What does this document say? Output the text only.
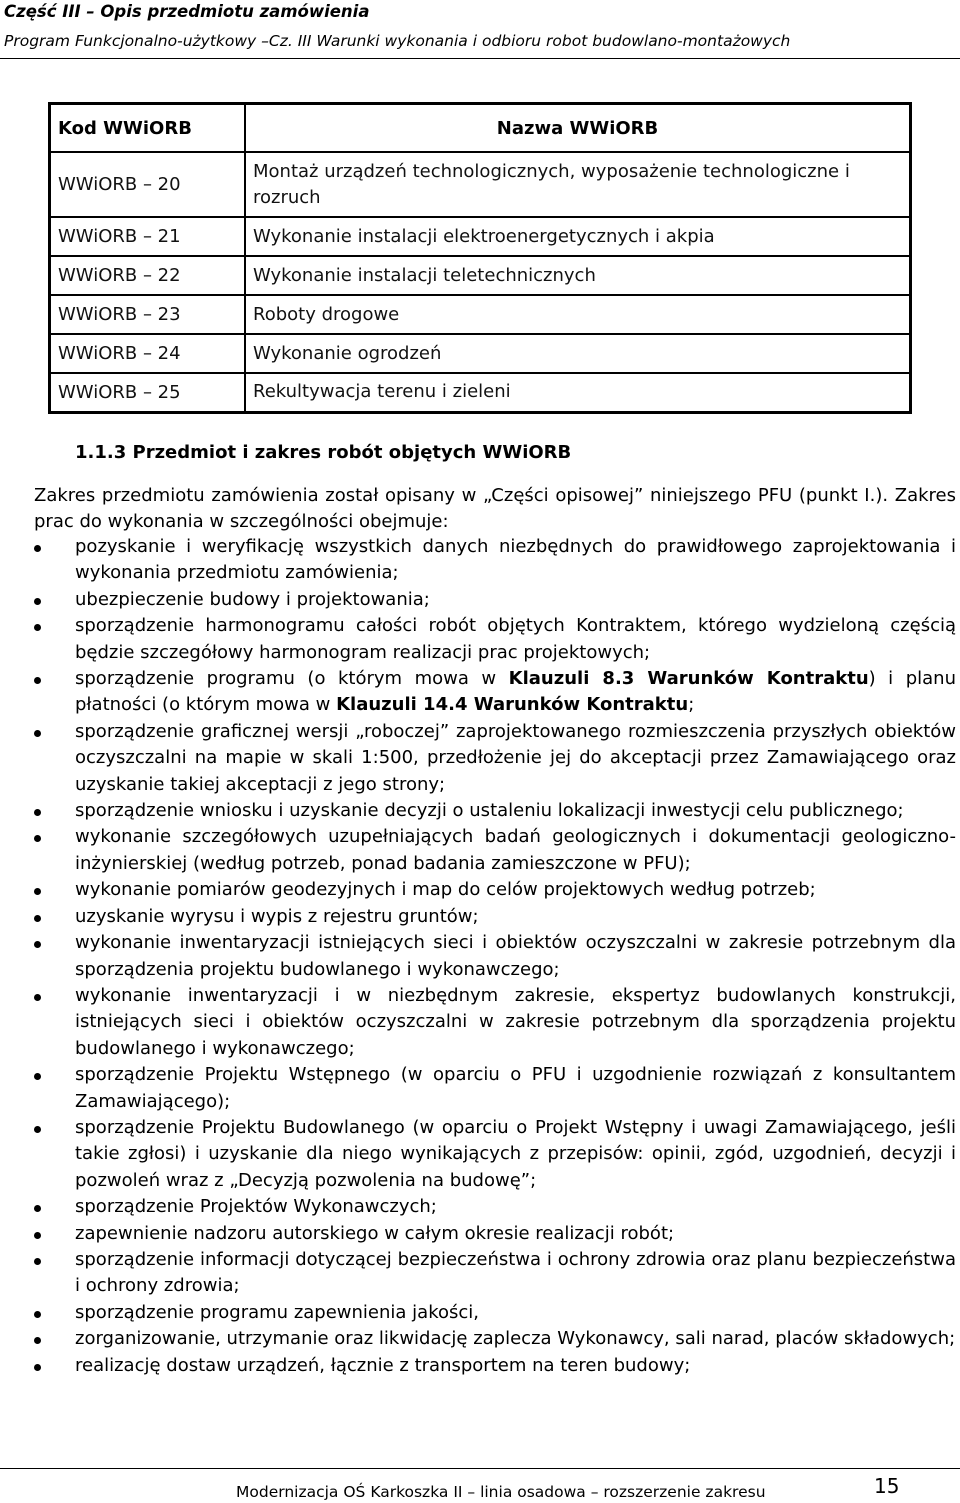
Część III – Opis przedmiotu zamówienia
Program Funkcjonalno-użytkowy –Cz. III Warunki wykonania i odbioru robot budowlano-montażowych
Kod WWiORB	Nazwa WWiORB
WWiORB – 20	Montaż urządzeń technologicznych, wyposażenie technologiczne i rozruch
WWiORB – 21	Wykonanie instalacji elektroenergetycznych i akpia
WWiORB – 22	Wykonanie instalacji teletechnicznych
WWiORB – 23	Roboty drogowe
WWiORB – 24	Wykonanie ogrodzeń
WWiORB – 25	Rekultywacja terenu i zieleni
1.1.3 Przedmiot i zakres robót objętych WWiORB
Zakres przedmiotu zamówienia został opisany w „Części opisowej” niniejszego PFU (punkt I.). Zakres prac do wykonania w szczególności obejmuje:
pozyskanie i weryfikację wszystkich danych niezbędnych do prawidłowego zaprojektowania i wykonania przedmiotu zamówienia;
ubezpieczenie budowy i projektowania;
sporządzenie harmonogramu całości robót objętych Kontraktem, którego wydzieloną częścią będzie szczegółowy harmonogram realizacji prac projektowych;
sporządzenie programu (o którym mowa w Klauzuli 8.3 Warunków Kontraktu) i planu płatności (o którym mowa w Klauzuli 14.4 Warunków Kontraktu;
sporządzenie graficznej wersji „roboczej” zaprojektowanego rozmieszczenia przyszłych obiektów oczyszczalni na mapie w skali 1:500, przedłożenie jej do akceptacji przez Zamawiającego oraz uzyskanie takiej akceptacji z jego strony;
sporządzenie wniosku i uzyskanie decyzji o ustaleniu lokalizacji inwestycji celu publicznego;
wykonanie szczegółowych uzupełniających badań geologicznych i dokumentacji geologiczno-inżynierskiej (według potrzeb, ponad badania zamieszczone w PFU);
wykonanie pomiarów geodezyjnych i map do celów projektowych według potrzeb;
uzyskanie wyrysu i wypis z rejestru gruntów;
wykonanie inwentaryzacji istniejących sieci i obiektów oczyszczalni w zakresie potrzebnym dla sporządzenia projektu budowlanego i wykonawczego;
wykonanie inwentaryzacji i w niezbędnym zakresie, ekspertyz budowlanych konstrukcji, istniejących sieci i obiektów oczyszczalni w zakresie potrzebnym dla sporządzenia projektu budowlanego i wykonawczego;
sporządzenie Projektu Wstępnego (w oparciu o PFU i uzgodnienie rozwiązań z konsultantem Zamawiającego);
sporządzenie Projektu Budowlanego (w oparciu o Projekt Wstępny i uwagi Zamawiającego, jeśli takie zgłosi) i uzyskanie dla niego wynikających z przepisów: opinii, zgód, uzgodnień, decyzji i pozwoleń wraz z „Decyzją pozwolenia na budowę”;
sporządzenie Projektów Wykonawczych;
zapewnienie nadzoru autorskiego w całym okresie realizacji robót;
sporządzenie informacji dotyczącej bezpieczeństwa i ochrony zdrowia oraz planu bezpieczeństwa i ochrony zdrowia;
sporządzenie programu zapewnienia jakości,
zorganizowanie, utrzymanie oraz likwidację zaplecza Wykonawcy, sali narad, placów składowych;
realizację dostaw urządzeń, łącznie z transportem na teren budowy;
Modernizacja OŚ Karkoszka II – linia osadowa – rozszerzenie zakresu	15
